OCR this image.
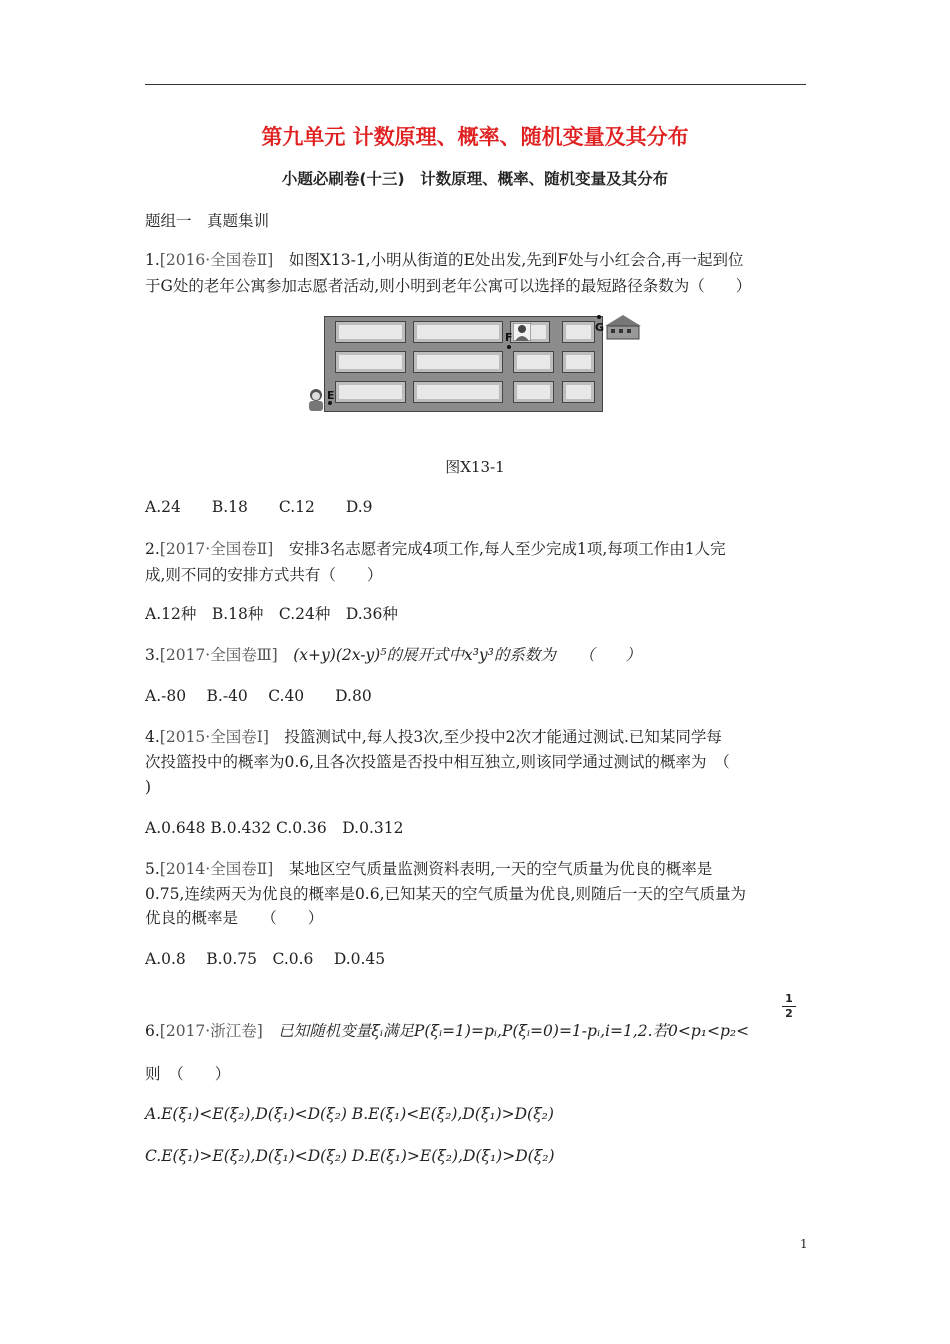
第九单元 计数原理、概率、随机变量及其分布
小题必刷卷(十三)　计数原理、概率、随机变量及其分布
题组一　真题集训
1.[2016·全国卷Ⅱ]　 如图X13-1,小明从街道的E处出发,先到F处与小红会合,再一起到位
于G处的老年公寓参加志愿者活动,则小明到老年公寓可以选择的最短路径条数为（　　）
F
G
E
图X13-1
A.24　　B.18　　C.12　　D.9
2.[2017·全国卷Ⅱ]　 安排3名志愿者完成4项工作,每人至少完成1项,每项工作由1人完
成,则不同的安排方式共有（　　）
A.12种　B.18种　C.24种　D.36种
3.[2017·全国卷Ⅲ]　 (x+y)(2x-y)⁵的展开式中x³y³的系数为　　（　　）
A.-80　 B.-40　 C.40　　D.80
4.[2015·全国卷Ⅰ]　 投篮测试中,每人投3次,至少投中2次才能通过测试.已知某同学每
次投篮投中的概率为0.6,且各次投篮是否投中相互独立,则该同学通过测试的概率为　（
)
A.0.648 B.0.432 C.0.36　D.0.312
5.[2014·全国卷Ⅱ]　 某地区空气质量监测资料表明,一天的空气质量为优良的概率是
0.75,连续两天为优良的概率是0.6,已知某天的空气质量为优良,则随后一天的空气质量为
优良的概率是　　（　　）
A.0.8　 B.0.75　C.0.6　 D.0.45
6.[2017·浙江卷]　 已知随机变量ξᵢ满足P(ξᵢ=1)=pᵢ,P(ξᵢ=0)=1-pᵢ,i=1,2.若0<p₁<p₂<
1
2
则　（　　）
A.E(ξ₁)<E(ξ₂),D(ξ₁)<D(ξ₂) B.E(ξ₁)<E(ξ₂),D(ξ₁)>D(ξ₂)
C.E(ξ₁)>E(ξ₂),D(ξ₁)<D(ξ₂) D.E(ξ₁)>E(ξ₂),D(ξ₁)>D(ξ₂)
1
